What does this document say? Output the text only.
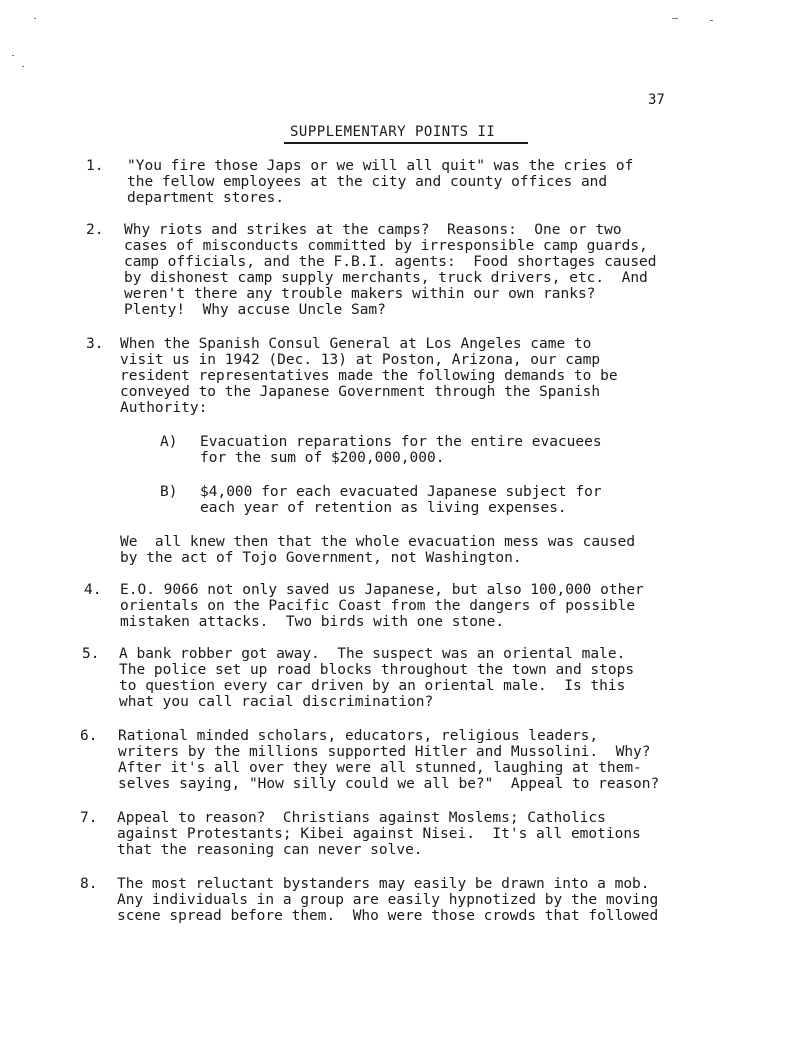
37
SUPPLEMENTARY POINTS II
1. "You fire those Japs or we will all quit" was the cries of
the fellow employees at the city and county offices and
department stores.
2. Why riots and strikes at the camps?  Reasons:  One or two
cases of misconducts committed by irresponsible camp guards,
camp officials, and the F.B.I. agents:  Food shortages caused
by dishonest camp supply merchants, truck drivers, etc.  And
weren't there any trouble makers within our own ranks?
Plenty!  Why accuse Uncle Sam?
3. When the Spanish Consul General at Los Angeles came to
visit us in 1942 (Dec. 13) at Poston, Arizona, our camp
resident representatives made the following demands to be
conveyed to the Japanese Government through the Spanish
Authority:
A) Evacuation reparations for the entire evacuees
for the sum of $200,000,000.
B) $4,000 for each evacuated Japanese subject for
each year of retention as living expenses.
We  all knew then that the whole evacuation mess was caused
by the act of Tojo Government, not Washington.
4. E.O. 9066 not only saved us Japanese, but also 100,000 other
orientals on the Pacific Coast from the dangers of possible
mistaken attacks.  Two birds with one stone.
5. A bank robber got away.  The suspect was an oriental male.
The police set up road blocks throughout the town and stops
to question every car driven by an oriental male.  Is this
what you call racial discrimination?
6. Rational minded scholars, educators, religious leaders,
writers by the millions supported Hitler and Mussolini.  Why?
After it's all over they were all stunned, laughing at them-
selves saying, "How silly could we all be?"  Appeal to reason?
7. Appeal to reason?  Christians against Moslems; Catholics
against Protestants; Kibei against Nisei.  It's all emotions
that the reasoning can never solve.
8. The most reluctant bystanders may easily be drawn into a mob.
Any individuals in a group are easily hypnotized by the moving
scene spread before them.  Who were those crowds that followed
